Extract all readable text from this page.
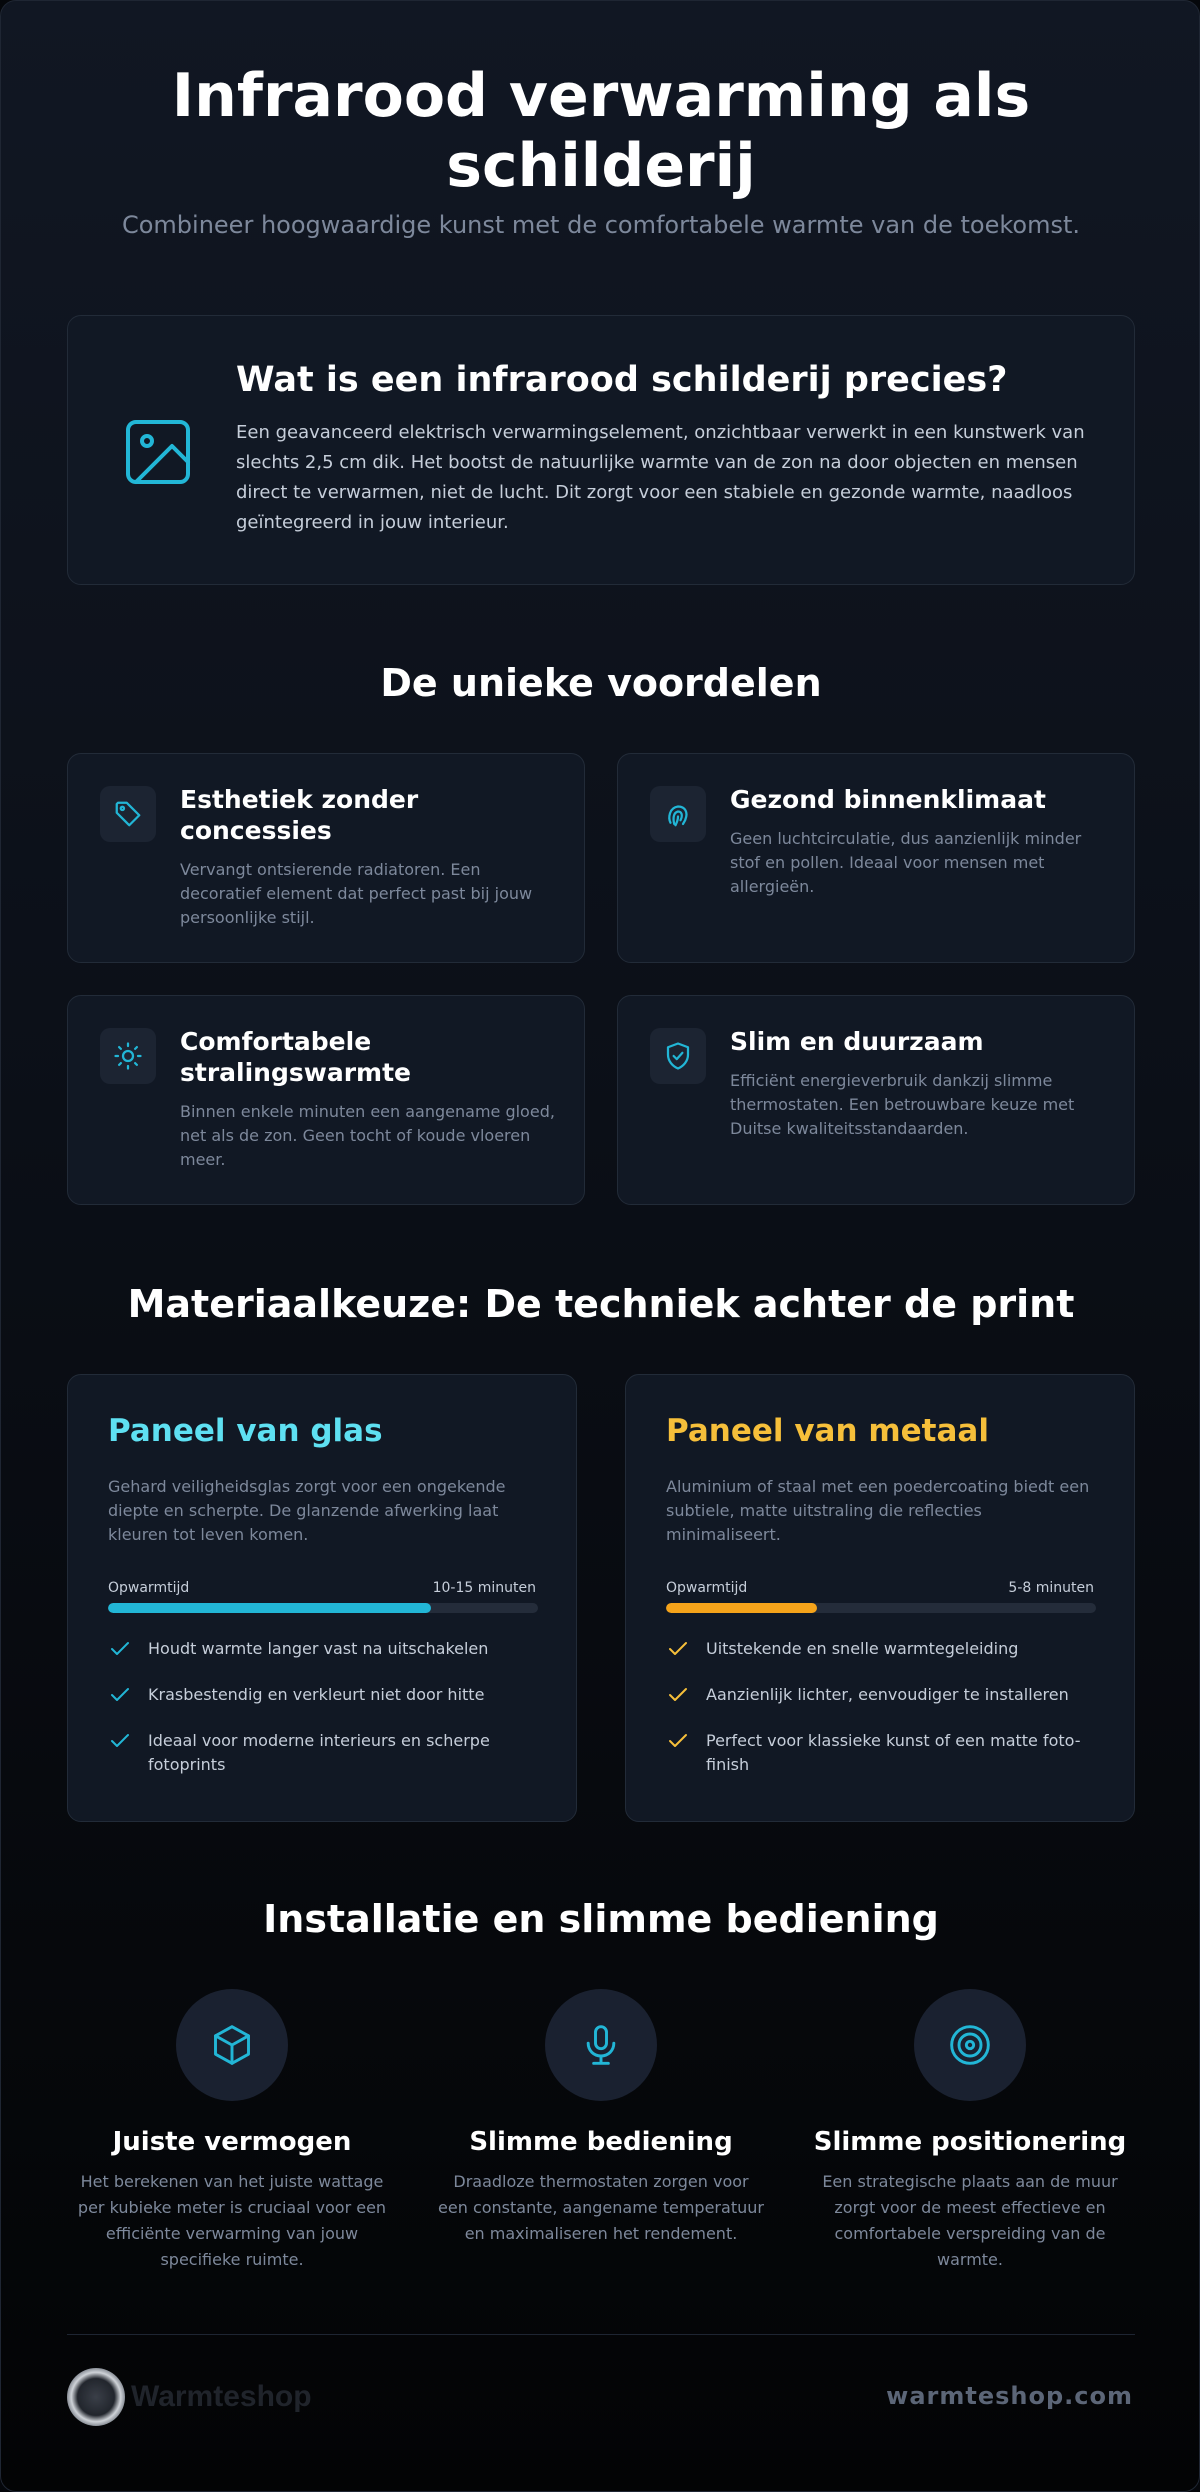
Infrarood verwarming als schilderij

Combineer hoogwaardige kunst met de comfortabele warmte van de toekomst.

Wat is een infrarood schilderij precies?

Een geavanceerd elektrisch verwarmingselement, onzichtbaar verwerkt in een kunstwerk van slechts 2,5 cm dik. Het bootst de natuurlijke warmte van de zon na door objecten en mensen direct te verwarmen, niet de lucht. Dit zorgt voor een stabiele en gezonde warmte, naadloos geïntegreerd in jouw interieur.

De unieke voordelen
Esthetiek zonder concessies

Vervangt ontsierende radiatoren. Een decoratief element dat perfect past bij jouw persoonlijke stijl.

Gezond binnenklimaat

Geen luchtcirculatie, dus aanzienlijk minder stof en pollen. Ideaal voor mensen met allergieën.

Comfortabele stralingswarmte

Binnen enkele minuten een aangename gloed, net als de zon. Geen tocht of koude vloeren meer.

Slim en duurzaam

Efficiënt energieverbruik dankzij slimme thermostaten. Een betrouwbare keuze met Duitse kwaliteitsstandaarden.

Materiaalkeuze: De techniek achter de print
Paneel van glas

Gehard veiligheidsglas zorgt voor een ongekende diepte en scherpte. De glanzende afwerking laat kleuren tot leven komen.

Opwarmtijd	10-15 minuten
Houdt warmte langer vast na uitschakelen
Krasbestendig en verkleurt niet door hitte
Ideaal voor moderne interieurs en scherpe fotoprints
Paneel van metaal

Aluminium of staal met een poedercoating biedt een subtiele, matte uitstraling die reflecties minimaliseert.

Opwarmtijd	5-8 minuten
Uitstekende en snelle warmtegeleiding
Aanzienlijk lichter, eenvoudiger te installeren
Perfect voor klassieke kunst of een matte foto-finish
Installatie en slimme bediening
Juiste vermogen

Het berekenen van het juiste wattage per kubieke meter is cruciaal voor een efficiënte verwarming van jouw specifieke ruimte.

Slimme bediening

Draadloze thermostaten zorgen voor een constante, aangename temperatuur en maximaliseren het rendement.

Slimme positionering

Een strategische plaats aan de muur zorgt voor de meest effectieve en comfortabele verspreiding van de warmte.

Warmteshop	warmteshop.com
